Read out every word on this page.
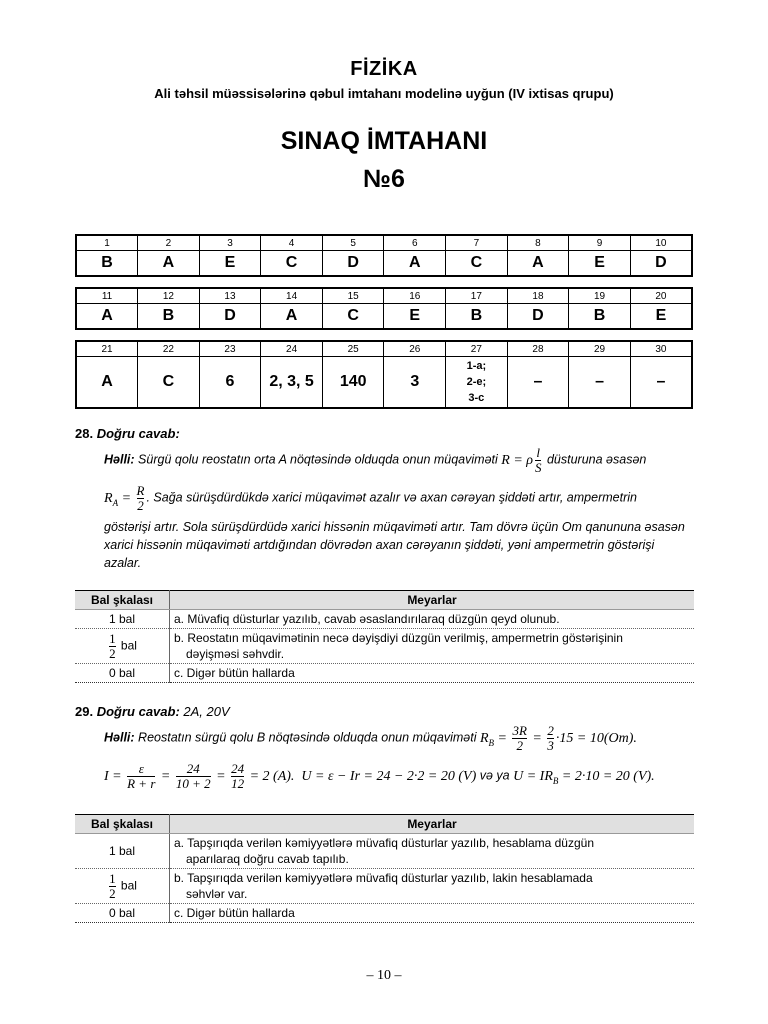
FİZİKA
Ali təhsil müəssisələrinə qəbul imtahanı modelinə uyğun (IV ixtisas qrupu)
SINAQ İMTAHANI
№6
1	2	3	4	5	6	7	8	9	10
B	A	E	C	D	A	C	A	E	D
11	12	13	14	15	16	17	18	19	20
A	B	D	A	C	E	B	D	B	E
21	22	23	24	25	26	27	28	29	30
A	C	6	2, 3, 5	140	3	1-a;
2-e;
3-c	–	–	–
28. Doğru cavab:
Həlli: Sürgü qolu reostatın orta A nöqtəsində olduqda onun müqaviməti R = ρ $\frac{l}{S}$ düsturuna əsasən
$R_A = \frac{R}{2}$ . Sağa sürüşdürdükdə xarici müqavimət azalır və axan cərəyan şiddəti artır, ampermetrin
göstərişi artır. Sola sürüşdürdüdə xarici hissənin müqaviməti artır. Tam dövrə üçün Om qanununa əsasən xarici hissənin müqaviməti artdığından dövrədən axan cərəyanın şiddəti, yəni ampermetrin göstərişi azalar.
Bal şkalası	Meyarlar
1 bal	a. Müvafiq düsturlar yazılıb, cavab əsaslandırılaraq düzgün qeyd olunub.

$\frac{1}{2}$ bal	b. Reostatın müqavimətinin necə dəyişdiyi düzgün verilmiş, ampermetrin göstərişinin
dəyişməsi səhvdir.

0 bal	c. Digər bütün hallarda
29. Doğru cavab: 2A, 20V
Həlli: Reostatın sürgü qolu B nöqtəsində olduqda onun müqaviməti $R_B = \frac{3R}{2} = \frac{2}{3} \cdot 15 = 10(Om)$.
$I = \frac{\varepsilon}{R + r} = \frac{24}{10 + 2} = \frac{24}{12} = 2$ (A).  U = ε − Ir = 24 − 2·2 = 20 (V) və ya $U = IR_B = 2\cdot 10 = 20$ (V).
Bal şkalası	Meyarlar
1 bal	a. Tapşırıqda verilən kəmiyyətlərə müvafiq düsturlar yazılıb, hesablama düzgün
aparılaraq doğru cavab tapılıb.

$\frac{1}{2}$ bal	b. Tapşırıqda verilən kəmiyyətlərə müvafiq düsturlar yazılıb, lakin hesablamada
səhvlər var.

0 bal	c. Digər bütün hallarda
– 10 –
